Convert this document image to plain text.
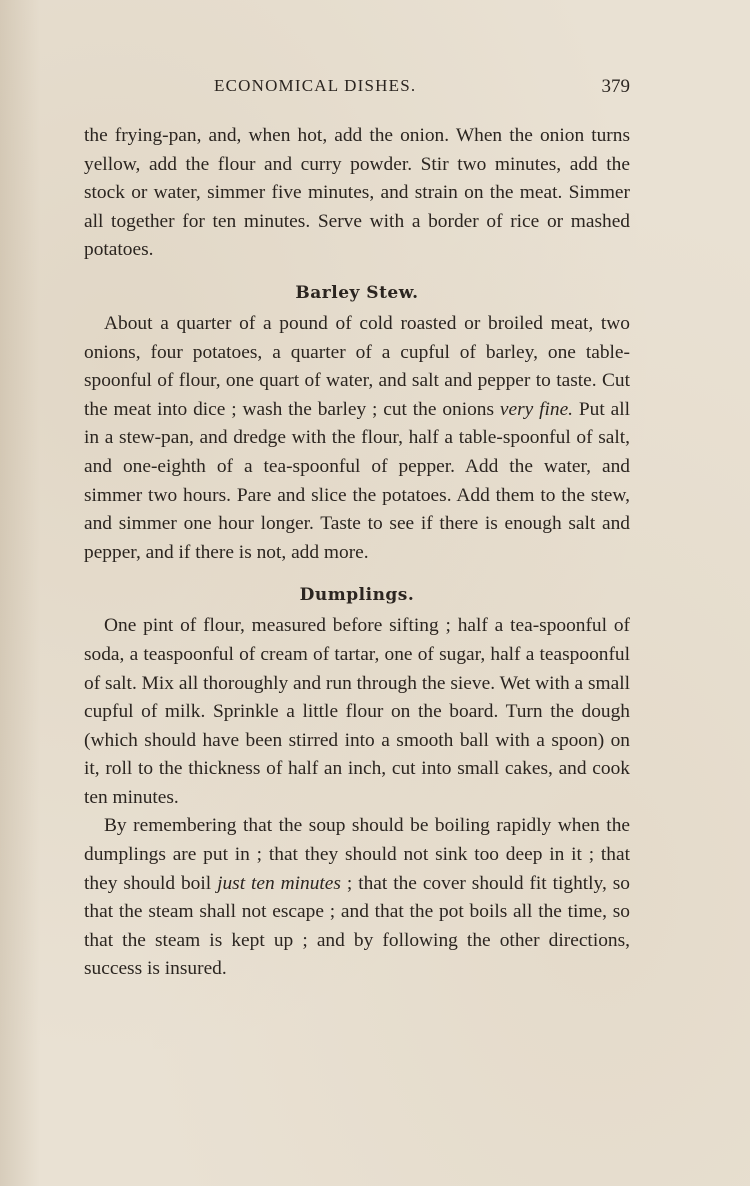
ECONOMICAL DISHES.	379

the frying-pan, and, when hot, add the onion. When the onion turns yellow, add the flour and curry powder. Stir two minutes, add the stock or water, simmer five minutes, and strain on the meat. Simmer all together for ten minutes. Serve with a border of rice or mashed potatoes.

Barley Stew.

About a quarter of a pound of cold roasted or broiled meat, two onions, four potatoes, a quarter of a cupful of barley, one table-spoonful of flour, one quart of water, and salt and pepper to taste. Cut the meat into dice ; wash the barley ; cut the onions very fine. Put all in a stew-pan, and dredge with the flour, half a table-spoonful of salt, and one-eighth of a tea-spoonful of pepper. Add the water, and simmer two hours. Pare and slice the potatoes. Add them to the stew, and simmer one hour longer. Taste to see if there is enough salt and pepper, and if there is not, add more.

Dumplings.

One pint of flour, measured before sifting ; half a tea-spoonful of soda, a teaspoonful of cream of tartar, one of sugar, half a teaspoonful of salt. Mix all thoroughly and run through the sieve. Wet with a small cupful of milk. Sprinkle a little flour on the board. Turn the dough (which should have been stirred into a smooth ball with a spoon) on it, roll to the thickness of half an inch, cut into small cakes, and cook ten minutes.

By remembering that the soup should be boiling rapidly when the dumplings are put in ; that they should not sink too deep in it ; that they should boil just ten minutes ; that the cover should fit tightly, so that the steam shall not escape ; and that the pot boils all the time, so that the steam is kept up ; and by following the other directions, success is insured.
